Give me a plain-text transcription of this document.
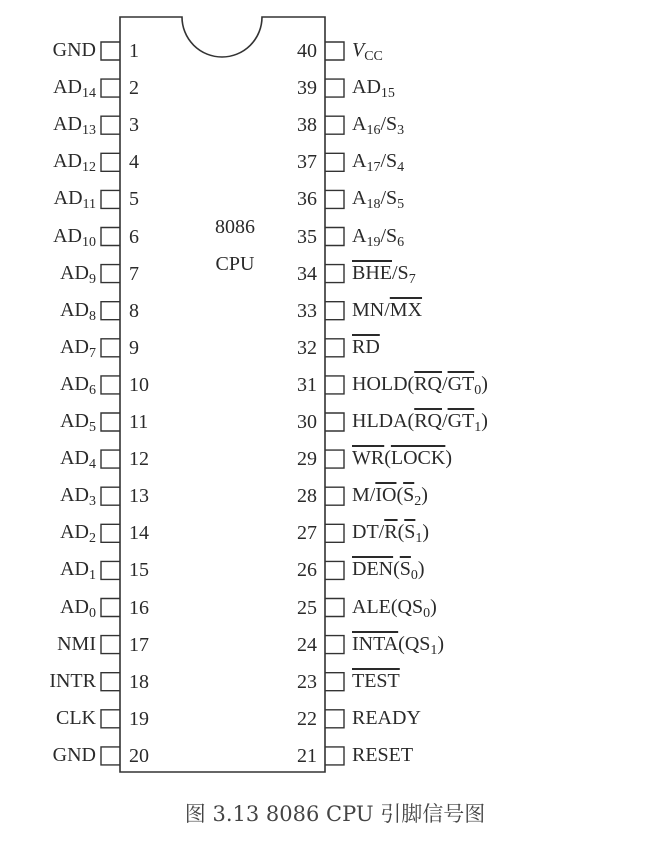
8086
CPU
1
GND
2
$AD_{14}$
3
$AD_{13}$
4
$AD_{12}$
5
$AD_{11}$
6
$AD_{10}$
7
$AD_9$
8
$AD_8$
9
$AD_7$
10
$AD_6$
11
$AD_5$
12
$AD_4$
13
$AD_3$
14
$AD_2$
15
$AD_1$
16
$AD_0$
17
NMI
18
INTR
19
CLK
20
GND
40 $V_{CC}$
39 $AD_{15}$
38 $A_{16}/S_3$
37 $A_{17}/S_4$
36 $A_{18}/S_5$
35 $A_{19}/S_6$
34 $\overline{BHE}/S_7$
33 $MN/\overline{MX}$
32 $\overline{RD}$
31 $HOLD(\overline{RQ}/\overline{GT}_0)$
30 $HLDA(\overline{RQ}/\overline{GT}_1)$
29 $\overline{WR}(LOCK)$
28 $M/\overline{IO}(\overline{S}_2)$
27 $DT/\overline{R}(\overline{S}_1)$
26 $\overline{DEN}(\overline{S}_0)$
25 $ALE(QS_0)$
24 $INTA(QS_1)$
23 TEST
22 READY
21 RESET
图 3.13 8086 CPU 引脚信号图
